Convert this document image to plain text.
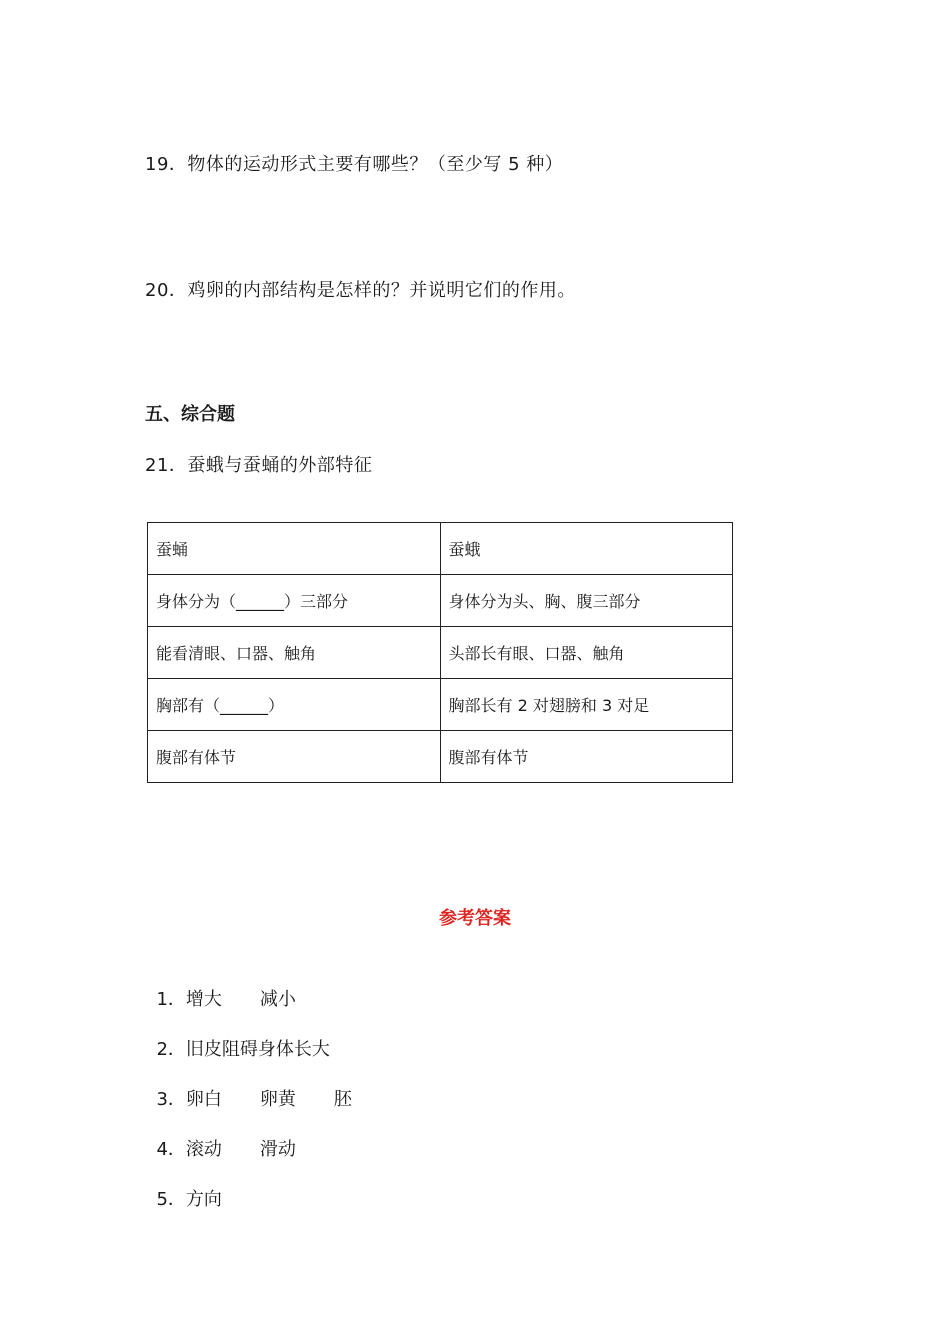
19．物体的运动形式主要有哪些？（至少写 5 种）
20．鸡卵的内部结构是怎样的？并说明它们的作用。
五、综合题
21．蚕蛾与蚕蛹的外部特征
蚕蛹	蚕蛾
身体分为（______）三部分	身体分为头、胸、腹三部分
能看清眼、口器、触角	头部长有眼、口器、触角
胸部有（______）	胸部长有 2 对翅膀和 3 对足
腹部有体节	腹部有体节
参考答案

1．增大 减小

2．旧皮阻碍身体长大

3．卵白 卵黄 胚

4．滚动 滑动

5．方向
